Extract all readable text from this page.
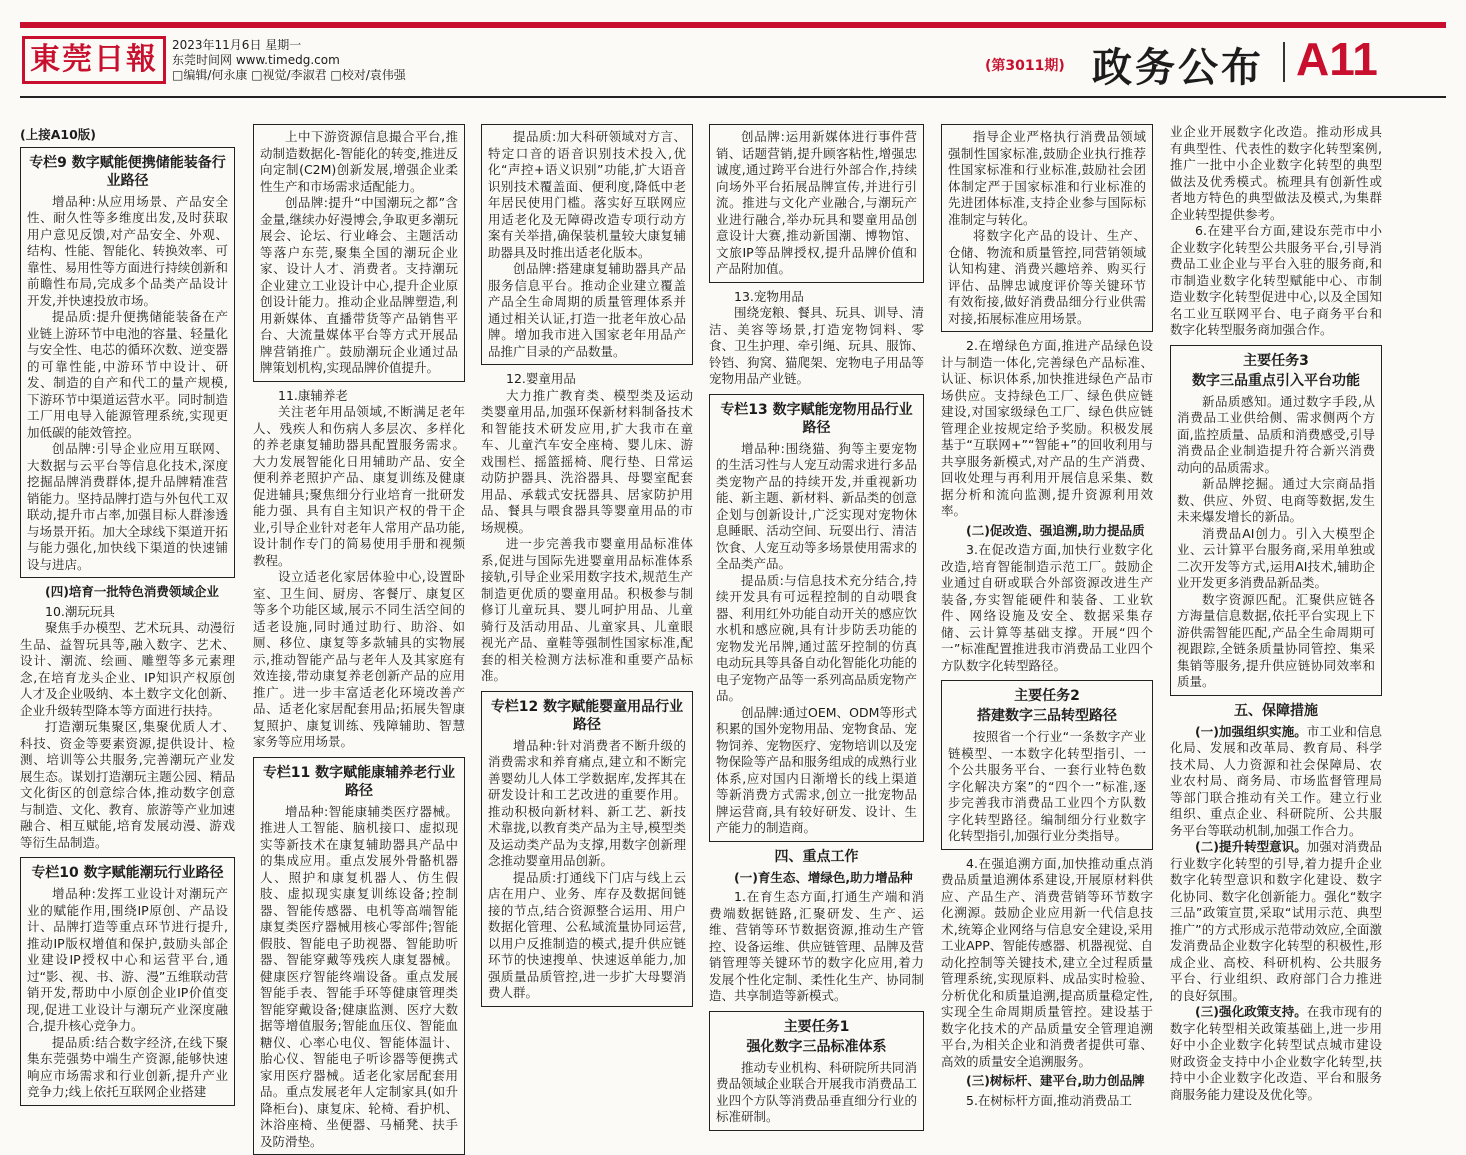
東莞日報	2023年11月6日 星期一
东莞时间网 www.timedg.com
□编辑/何永康 □视觉/李淑君 □校对/袁伟强
(第3011期) 政务公布 A11
(上接A10版)
专栏9 数字赋能便携储能装备行业路径

增品种:从应用场景、产品安全性、耐久性等多维度出发,及时获取用户意见反馈,对产品安全、外观、结构、性能、智能化、转换效率、可靠性、易用性等方面进行持续创新和前瞻性布局,完成多个品类产品设计开发,并快速投放市场。

提品质:提升便携储能装备在产业链上游环节中电池的容量、轻量化与安全性、电芯的循环次数、逆变器的可靠性能,中游环节中设计、研发、制造的自产和代工的量产规模,下游环节中渠道运营水平。同时制造工厂用电导入能源管理系统,实现更加低碳的能效管控。

创品牌:引导企业应用互联网、大数据与云平台等信息化技术,深度挖掘品牌消费群体,提升品牌精准营销能力。坚持品牌打造与外包代工双联动,提升市占率,加强目标人群渗透与场景开拓。加大全球线下渠道开拓与能力强化,加快线下渠道的快速铺设与进店。

(四)培育一批特色消费领域企业

10.潮玩玩具

聚焦手办模型、艺术玩具、动漫衍生品、益智玩具等,融入数字、艺术、设计、潮流、绘画、雕塑等多元素理念,在培育龙头企业、IP知识产权原创人才及企业吸纳、本土数字文化创新、企业升级转型降本等方面进行扶持。

打造潮玩集聚区,集聚优质人才、科技、资金等要素资源,提供设计、检测、培训等公共服务,完善潮玩产业发展生态。谋划打造潮玩主题公园、精品文化街区的创意综合体,推动数字创意与制造、文化、教育、旅游等产业加速融合、相互赋能,培育发展动漫、游戏等衍生品制造。

专栏10 数字赋能潮玩行业路径

增品种:发挥工业设计对潮玩产业的赋能作用,围绕IP原创、产品设计、品牌打造等重点环节进行提升,推动IP版权增值和保护,鼓励头部企业建设IP授权中心和运营平台,通过“影、视、书、游、漫”五维联动营销开发,帮助中小原创企业IP价值变现,促进工业设计与潮玩产业深度融合,提升核心竞争力。

提品质:结合数字经济,在线下聚集东莞强势中端生产资源,能够快速响应市场需求和行业创新,提升产业竞争力;线上依托互联网企业搭建

上中下游资源信息撮合平台,推动制造数据化-智能化的转变,推进反向定制(C2M)创新发展,增强企业柔性生产和市场需求适配能力。

创品牌:提升“中国潮玩之都”含金量,继续办好漫博会,争取更多潮玩展会、论坛、行业峰会、主题活动等落户东莞,聚集全国的潮玩企业家、设计人才、消费者。支持潮玩企业建立工业设计中心,提升企业原创设计能力。推动企业品牌塑造,利用新媒体、直播带货等产品销售平台、大流量媒体平台等方式开展品牌营销推广。鼓励潮玩企业通过品牌策划机构,实现品牌价值提升。

11.康辅养老

关注老年用品领域,不断满足老年人、残疾人和伤病人多层次、多样化的养老康复辅助器具配置服务需求。大力发展智能化日用辅助产品、安全便利养老照护产品、康复训练及健康促进辅具;聚焦细分行业培育一批研发能力强、具有自主知识产权的骨干企业,引导企业针对老年人常用产品功能,设计制作专门的简易使用手册和视频教程。

设立适老化家居体验中心,设置卧室、卫生间、厨房、客餐厅、康复区等多个功能区域,展示不同生活空间的适老设施,同时通过助行、助浴、如厕、移位、康复等多款辅具的实物展示,推动智能产品与老年人及其家庭有效连接,带动康复养老创新产品的应用推广。进一步丰富适老化环境改善产品、适老化家居配套用品;拓展失智康复照护、康复训练、残障辅助、智慧家务等应用场景。

专栏11 数字赋能康辅养老行业路径

增品种:智能康辅类医疗器械。推进人工智能、脑机接口、虚拟现实等新技术在康复辅助器具产品中的集成应用。重点发展外骨骼机器人、照护和康复机器人、仿生假肢、虚拟现实康复训练设备;控制器、智能传感器、电机等高端智能康复类医疗器械用核心零部件;智能假肢、智能电子助视器、智能助听器、智能穿戴等残疾人康复器械。健康医疗智能终端设备。重点发展智能手表、智能手环等健康管理类智能穿戴设备;健康监测、医疗大数据等增值服务;智能血压仪、智能血糖仪、心率心电仪、智能体温计、胎心仪、智能电子听诊器等便携式家用医疗器械。适老化家居配套用品。重点发展老年人定制家具(如升降柜台)、康复床、轮椅、看护机、沐浴座椅、坐便器、马桶凳、扶手及防滑垫。

提品质:加大科研领域对方言、特定口音的语音识别技术投入,优化“声控+语义识别”功能,扩大语音识别技术覆盖面、便利度,降低中老年居民使用门槛。落实好互联网应用适老化及无障碍改造专项行动方案有关举措,确保装机量较大康复辅助器具及时推出适老化版本。

创品牌:搭建康复辅助器具产品服务信息平台。推动企业建立覆盖产品全生命周期的质量管理体系并通过相关认证,打造一批老年放心品牌。增加我市进入国家老年用品产品推广目录的产品数量。

12.婴童用品

大力推广教育类、模型类及运动类婴童用品,加强环保新材料制备技术和智能技术研发应用,扩大我市在童车、儿童汽车安全座椅、婴儿床、游戏围栏、摇篮摇椅、爬行垫、日常运动防护器具、洗浴器具、母婴室配套用品、承载式安抚器具、居家防护用品、餐具与喂食器具等婴童用品的市场规模。

进一步完善我市婴童用品标准体系,促进与国际先进婴童用品标准体系接轨,引导企业采用数字技术,规范生产制造更优质的婴童用品。积极参与制修订儿童玩具、婴儿呵护用品、儿童骑行及活动用品、儿童家具、儿童眼视光产品、童鞋等强制性国家标准,配套的相关检测方法标准和重要产品标准。

专栏12 数字赋能婴童用品行业路径

增品种:针对消费者不断升级的消费需求和养育痛点,建立和不断完善婴幼儿人体工学数据库,发挥其在研发设计和工艺改进的重要作用。推动积极向新材料、新工艺、新技术靠拢,以教育类产品为主导,模型类及运动类产品为支撑,用数字创新理念推动婴童用品创新。

提品质:打通线下门店与线上云店在用户、业务、库存及数据间链接的节点,结合资源整合运用、用户数据化管理、公私域流量协同运营,以用户反推制造的模式,提升供应链环节的快速搜单、快速返单能力,加强质量品质管控,进一步扩大母婴消费人群。

创品牌:运用新媒体进行事件营销、话题营销,提升顾客粘性,增强忠诚度,通过跨平台进行外部合作,持续向场外平台拓展品牌宣传,并进行引流。推进与文化产业融合,与潮玩产业进行融合,举办玩具和婴童用品创意设计大赛,推动新国潮、博物馆、文旅IP等品牌授权,提升品牌价值和产品附加值。

13.宠物用品

围绕宠粮、餐具、玩具、训导、清洁、美容等场景,打造宠物饲料、零食、卫生护理、牵引绳、玩具、服饰、铃铛、狗窝、猫爬架、宠物电子用品等宠物用品产业链。

专栏13 数字赋能宠物用品行业路径

增品种:围绕猫、狗等主要宠物的生活习性与人宠互动需求进行多品类宠物产品的持续开发,并重视新功能、新主题、新材料、新品类的创意企划与创新设计,广泛实现对宠物休息睡眠、活动空间、玩耍出行、清洁饮食、人宠互动等多场景使用需求的全品类产品。

提品质:与信息技术充分结合,持续开发具有可远程控制的自动喂食器、利用红外功能自动开关的感应饮水机和感应碗,具有计步防丢功能的宠物发光吊牌,通过蓝牙控制的仿真电动玩具等具备自动化智能化功能的电子宠物产品等一系列高品质宠物产品。

创品牌:通过OEM、ODM等形式积累的国外宠物用品、宠物食品、宠物饲养、宠物医疗、宠物培训以及宠物保险等产品和服务组成的成熟行业体系,应对国内日渐增长的线上渠道等新消费方式需求,创立一批宠物品牌运营商,具有较好研发、设计、生产能力的制造商。

四、重点工作
(一)育生态、增绿色,助力增品种

1.在育生态方面,打通生产端和消费端数据链路,汇聚研发、生产、运维、营销等环节数据资源,推动生产管控、设备运维、供应链管理、品牌及营销管理等关键环节的数字化应用,着力发展个性化定制、柔性化生产、协同制造、共享制造等新模式。

主要任务1
强化数字三品标准体系

推动专业机构、科研院所共同消费品领域企业联合开展我市消费品工业四个方队等消费品垂直细分行业的标准研制。

指导企业严格执行消费品领域强制性国家标准,鼓励企业执行推荐性国家标准和行业标准,鼓励社会团体制定严于国家标准和行业标准的先进团体标准,支持企业参与国际标准制定与转化。

将数字化产品的设计、生产、仓储、物流和质量管控,同营销领域认知构建、消费兴趣培养、购买行评估、品牌忠诚度评价等关键环节有效衔接,做好消费品细分行业供需对接,拓展标准应用场景。

2.在增绿色方面,推进产品绿色设计与制造一体化,完善绿色产品标准、认证、标识体系,加快推进绿色产品市场供应。支持绿色工厂、绿色供应链建设,对国家级绿色工厂、绿色供应链管理企业按规定给予奖励。积极发展基于“互联网+”“智能+”的回收利用与共享服务新模式,对产品的生产消费、回收处理与再利用开展信息采集、数据分析和流向监测,提升资源利用效率。

(二)促改造、强追溯,助力提品质

3.在促改造方面,加快行业数字化改造,培育智能制造示范工厂。鼓励企业通过自研或联合外部资源改进生产装备,夯实智能硬件和装备、工业软件、网络设施及安全、数据采集存储、云计算等基础支撑。开展“四个一”标准配置推进我市消费品工业四个方队数字化转型路径。

主要任务2
搭建数字三品转型路径

按照省一个行业“一条数字产业链模型、一本数字化转型指引、一个公共服务平台、一套行业特色数字化解决方案”的“四个一”标准,逐步完善我市消费品工业四个方队数字化转型路径。编制细分行业数字化转型指引,加强行业分类指导。

4.在强追溯方面,加快推动重点消费品质量追溯体系建设,开展原材料供应、产品生产、消费营销等环节数字化溯源。鼓励企业应用新一代信息技术,统筹企业网络与信息安全建设,采用工业APP、智能传感器、机器视觉、自动化控制等关键技术,建立全过程质量管理系统,实现原料、成品实时检验、分析优化和质量追溯,提高质量稳定性,实现全生命周期质量管控。建设基于数字化技术的产品质量安全管理追溯平台,为相关企业和消费者提供可靠、高效的质量安全追溯服务。

(三)树标杆、建平台,助力创品牌

5.在树标杆方面,推动消费品工

业企业开展数字化改造。推动形成具有典型性、代表性的数字化转型案例,推广一批中小企业数字化转型的典型做法及优秀模式。梳理具有创新性或者地方特色的典型做法及模式,为集群企业转型提供参考。

6.在建平台方面,建设东莞市中小企业数字化转型公共服务平台,引导消费品工业企业与平台入驻的服务商,和市制造业数字化转型赋能中心、市制造业数字化转型促进中心,以及全国知名工业互联网平台、电子商务平台和数字化转型服务商加强合作。

主要任务3
数字三品重点引入平台功能

新品质感知。通过数字手段,从消费品工业供给侧、需求侧两个方面,监控质量、品质和消费感受,引导消费品企业制造提升符合新兴消费动向的品质需求。

新品牌挖掘。通过大宗商品指数、供应、外贸、电商等数据,发生未来爆发增长的新品。

消费品AI创力。引入大模型企业、云计算平台服务商,采用单独或二次开发等方式,运用AI技术,辅助企业开发更多消费品新品类。

数字资源匹配。汇聚供应链各方海量信息数据,依托平台实现上下游供需智能匹配,产品全生命周期可视跟踪,全链条质量协同管控、集采集销等服务,提升供应链协同效率和质量。

五、保障措施

(一)加强组织实施。市工业和信息化局、发展和改革局、教育局、科学技术局、人力资源和社会保障局、农业农村局、商务局、市场监督管理局等部门联合推动有关工作。建立行业组织、重点企业、科研院所、公共服务平台等联动机制,加强工作合力。

(二)提升转型意识。加强对消费品行业数字化转型的引导,着力提升企业数字化转型意识和数字化建设、数字化协同、数字化创新能力。强化“数字三品”政策宣贯,采取“试用示范、典型推广”的方式形成示范带动效应,全面激发消费品企业数字化转型的积极性,形成企业、高校、科研机构、公共服务平台、行业组织、政府部门合力推进的良好氛围。

(三)强化政策支持。在我市现有的数字化转型相关政策基础上,进一步用好中小企业数字化转型试点城市建设财政资金支持中小企业数字化转型,扶持中小企业数字化改造、平台和服务商服务能力建设及优化等。
